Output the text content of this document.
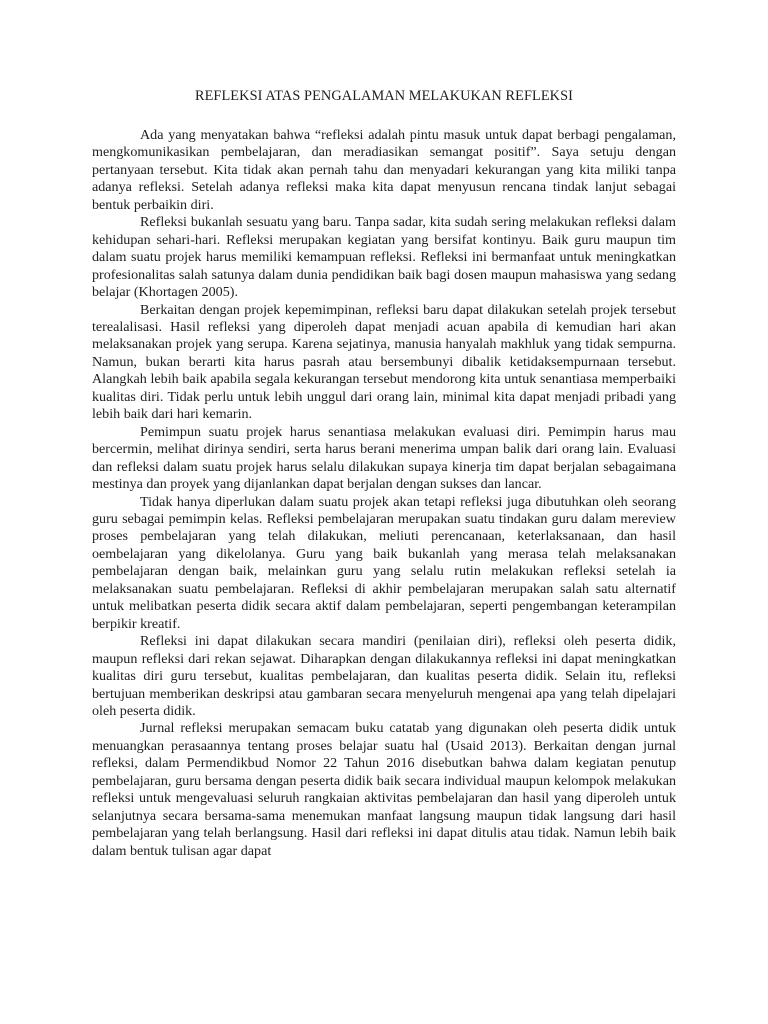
REFLEKSI ATAS PENGALAMAN MELAKUKAN REFLEKSI

Ada yang menyatakan bahwa “refleksi adalah pintu masuk untuk dapat berbagi pengalaman, mengkomunikasikan pembelajaran, dan meradiasikan semangat positif”. Saya setuju dengan pertanyaan tersebut. Kita tidak akan pernah tahu dan menyadari kekurangan yang kita miliki tanpa adanya refleksi. Setelah adanya refleksi maka kita dapat menyusun rencana tindak lanjut sebagai bentuk perbaikin diri.

Refleksi bukanlah sesuatu yang baru. Tanpa sadar, kita sudah sering melakukan refleksi dalam kehidupan sehari-hari. Refleksi merupakan kegiatan yang bersifat kontinyu. Baik guru maupun tim dalam suatu projek harus memiliki kemampuan refleksi. Refleksi ini bermanfaat untuk meningkatkan profesionalitas salah satunya dalam dunia pendidikan baik bagi dosen maupun mahasiswa yang sedang belajar (Khortagen 2005).

Berkaitan dengan projek kepemimpinan, refleksi baru dapat dilakukan setelah projek tersebut terealalisasi. Hasil refleksi yang diperoleh dapat menjadi acuan apabila di kemudian hari akan melaksanakan projek yang serupa. Karena sejatinya, manusia hanyalah makhluk yang tidak sempurna. Namun, bukan berarti kita harus pasrah atau bersembunyi dibalik ketidaksempurnaan tersebut. Alangkah lebih baik apabila segala kekurangan tersebut mendorong kita untuk senantiasa memperbaiki kualitas diri. Tidak perlu untuk lebih unggul dari orang lain, minimal kita dapat menjadi pribadi yang lebih baik dari hari kemarin.

Pemimpun suatu projek harus senantiasa melakukan evaluasi diri. Pemimpin harus mau bercermin, melihat dirinya sendiri, serta harus berani menerima umpan balik dari orang lain. Evaluasi dan refleksi dalam suatu projek harus selalu dilakukan supaya kinerja tim dapat berjalan sebagaimana mestinya dan proyek yang dijanlankan dapat berjalan dengan sukses dan lancar.

Tidak hanya diperlukan dalam suatu projek akan tetapi refleksi juga dibutuhkan oleh seorang guru sebagai pemimpin kelas. Refleksi pembelajaran merupakan suatu tindakan guru dalam mereview proses pembelajaran yang telah dilakukan, meliuti perencanaan, keterlaksanaan, dan hasil oembelajaran yang dikelolanya. Guru yang baik bukanlah yang merasa telah melaksanakan pembelajaran dengan baik, melainkan guru yang selalu rutin melakukan refleksi setelah ia melaksanakan suatu pembelajaran. Refleksi di akhir pembelajaran merupakan salah satu alternatif untuk melibatkan peserta didik secara aktif dalam pembelajaran, seperti pengembangan keterampilan berpikir kreatif.

Refleksi ini dapat dilakukan secara mandiri (penilaian diri), refleksi oleh peserta didik, maupun refleksi dari rekan sejawat. Diharapkan dengan dilakukannya refleksi ini dapat meningkatkan kualitas diri guru tersebut, kualitas pembelajaran, dan kualitas peserta didik. Selain itu, refleksi bertujuan memberikan deskripsi atau gambaran secara menyeluruh mengenai apa yang telah dipelajari oleh peserta didik.

Jurnal refleksi merupakan semacam buku catatab yang digunakan oleh peserta didik untuk menuangkan perasaannya tentang proses belajar suatu hal (Usaid 2013). Berkaitan dengan jurnal refleksi, dalam Permendikbud Nomor 22 Tahun 2016 disebutkan bahwa dalam kegiatan penutup pembelajaran, guru bersama dengan peserta didik baik secara individual maupun kelompok melakukan refleksi untuk mengevaluasi seluruh rangkaian aktivitas pembelajaran dan hasil yang diperoleh untuk selanjutnya secara bersama-sama menemukan manfaat langsung maupun tidak langsung dari hasil pembelajaran yang telah berlangsung. Hasil dari refleksi ini dapat ditulis atau tidak. Namun lebih baik dalam bentuk tulisan agar dapat
